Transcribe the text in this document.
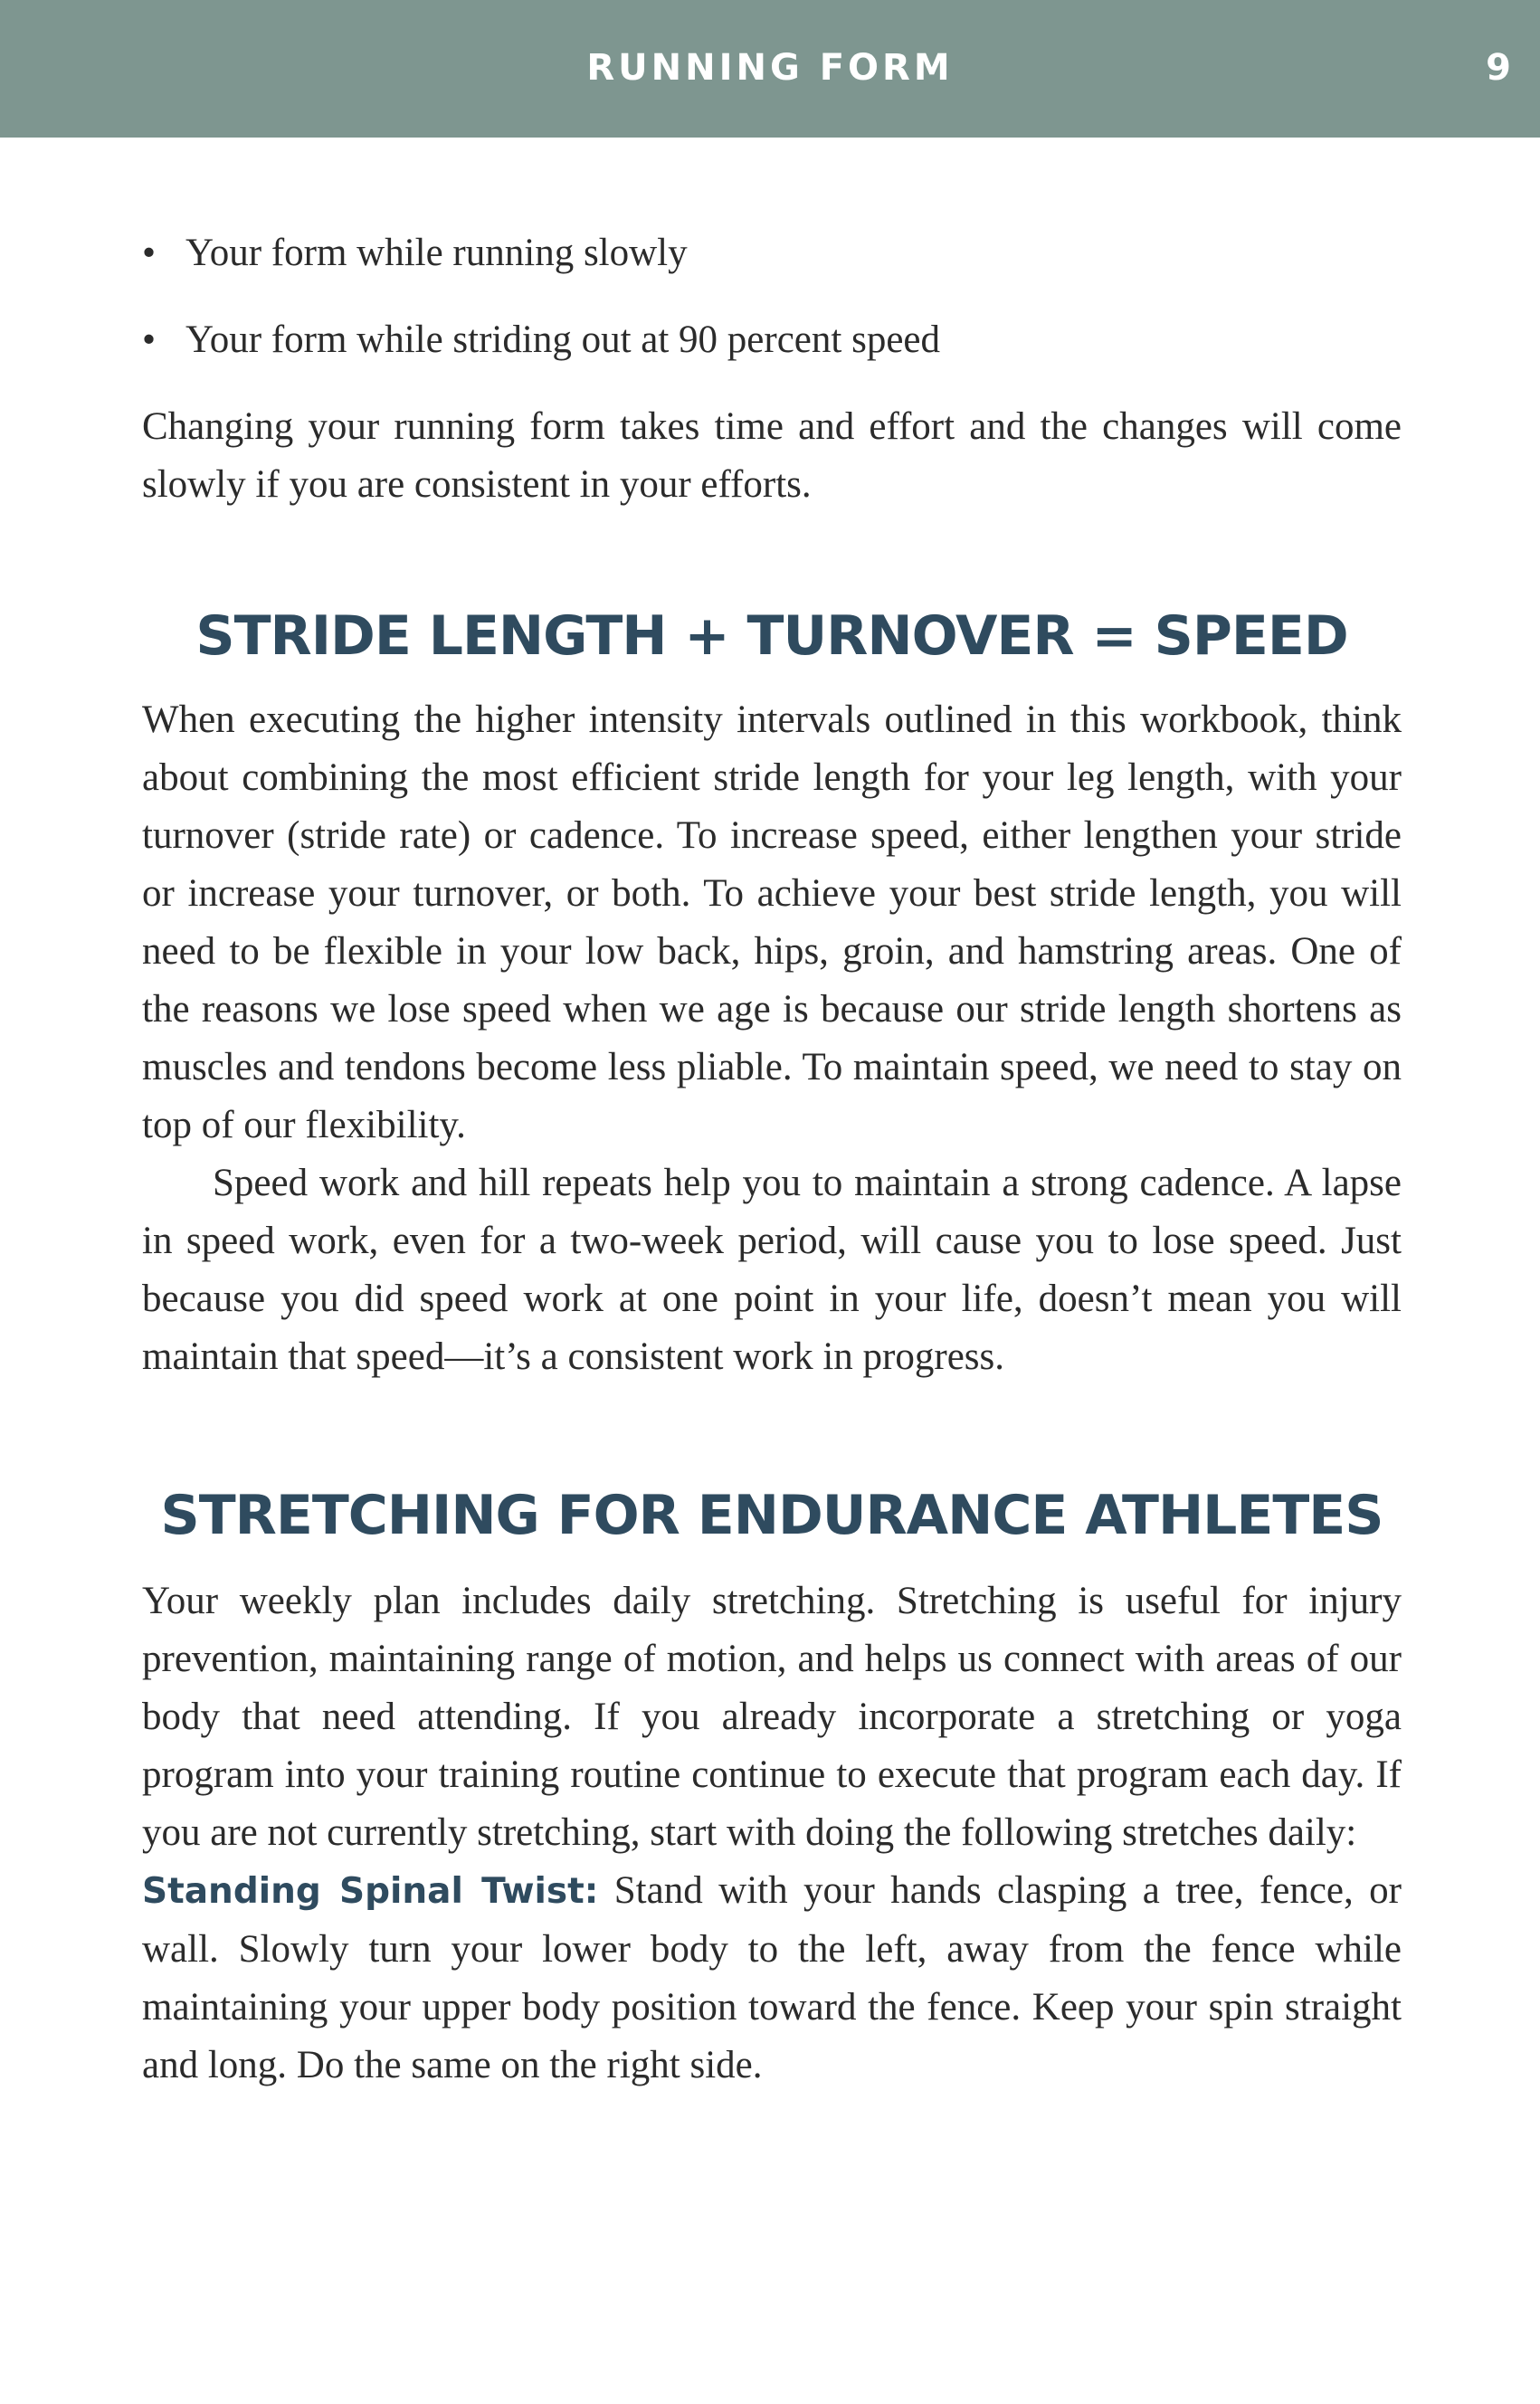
RUNNING FORM	9
• Your form while running slowly
• Your form while striding out at 90 percent speed

Changing your running form takes time and effort and the changes will come slowly if you are consistent in your efforts.

STRIDE LENGTH + TURNOVER = SPEED

When executing the higher intensity intervals outlined in this workbook, think about combining the most efficient stride length for your leg length, with your turnover (stride rate) or cadence. To increase speed, either lengthen your stride or increase your turnover, or both. To achieve your best stride length, you will need to be flexible in your low back, hips, groin, and hamstring areas. One of the reasons we lose speed when we age is because our stride length shortens as muscles and tendons become less pliable. To maintain speed, we need to stay on top of our flexibility.

Speed work and hill repeats help you to maintain a strong cadence. A lapse in speed work, even for a two-week period, will cause you to lose speed. Just because you did speed work at one point in your life, doesn’t mean you will maintain that speed—it’s a consistent work in progress.

STRETCHING FOR ENDURANCE ATHLETES

Your weekly plan includes daily stretching. Stretching is useful for injury prevention, maintaining range of motion, and helps us connect with areas of our body that need attending. If you already incorporate a stretching or yoga program into your training routine continue to execute that program each day. If you are not currently stretching, start with doing the following stretches daily:

Standing Spinal Twist: Stand with your hands clasping a tree, fence, or wall. Slowly turn your lower body to the left, away from the fence while maintaining your upper body position toward the fence. Keep your spin straight and long. Do the same on the right side.
